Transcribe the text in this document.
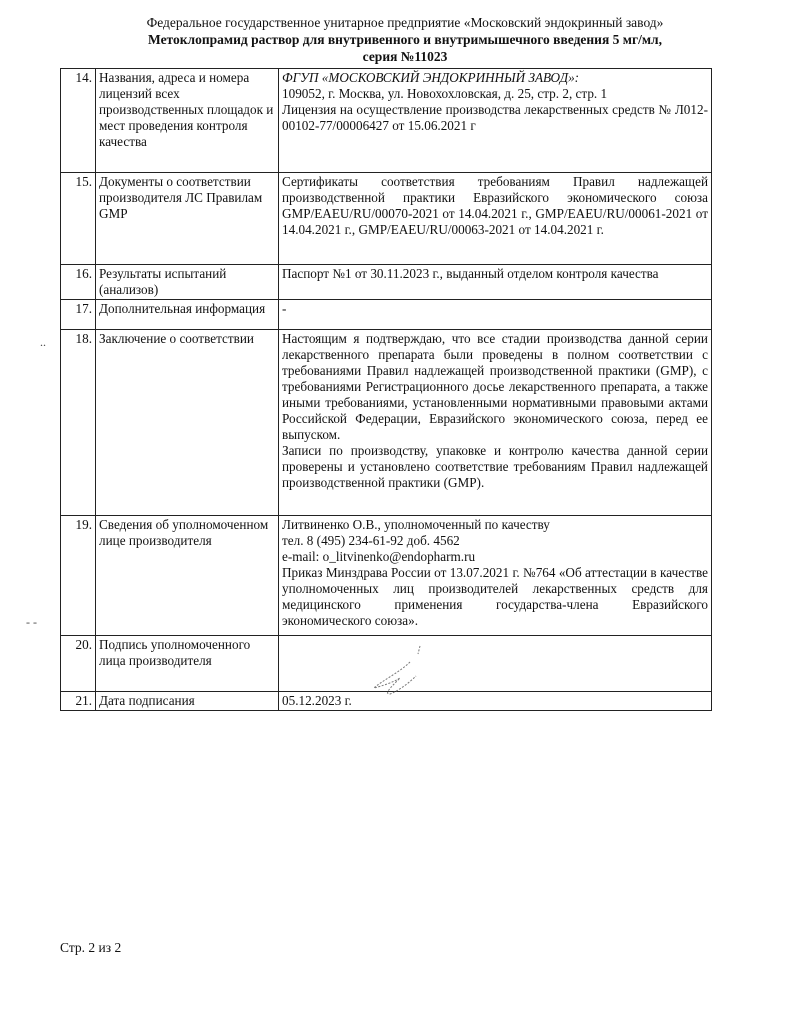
Федеральное государственное унитарное предприятие «Московский эндокринный завод»
Метоклопрамид раствор для внутривенного и внутримышечного введения 5 мг/мл,
серия №11023
14.	Названия, адреса и номера лицензий всех производственных площадок и мест проведения контроля качества	ФГУП «МОСКОВСКИЙ ЭНДОКРИННЫЙ ЗАВОД»:
109052, г. Москва, ул. Новохохловская, д. 25, стр. 2, стр. 1
Лицензия на осуществление производства лекарственных средств № Л012-00102-77/00006427 от 15.06.2021 г

15.	Документы о соответствии производителя ЛС Правилам GMP	Сертификаты соответствия требованиям Правил надлежащей производственной практики Евразийского экономического союза GMP/EAEU/RU/00070-2021 от 14.04.2021 г., GMP/EAEU/RU/00061-2021 от 14.04.2021 г., GMP/EAEU/RU/00063-2021 от 14.04.2021 г.

16.	Результаты испытаний (анализов)	Паспорт №1 от 30.11.2023 г., выданный отделом контроля качества

17.	Дополнительная информация	-

18.	Заключение о соответствии	Настоящим я подтверждаю, что все стадии производства данной серии лекарственного препарата были проведены в полном соответствии с требованиями Правил надлежащей производственной практики (GMP), с требованиями Регистрационного досье лекарственного препарата, а также иными требованиями, установленными нормативными правовыми актами Российской Федерации, Евразийского экономического союза, перед ее выпуском.
Записи по производству, упаковке и контролю качества данной серии проверены и установлено соответствие требованиям Правил надлежащей производственной практики (GMP).

19.	Сведения об уполномоченном лице производителя	Литвиненко О.В., уполномоченный по качеству
тел. 8 (495) 234-61-92 доб. 4562
e-mail: o_litvinenko@endopharm.ru
Приказ Минздрава России от 13.07.2021 г. №764 «Об аттестации в качестве уполномоченных лиц производителей лекарственных средств для медицинского применения государства-члена Евразийского экономического союза».

20.	Подпись уполномоченного лица производителя	

21.	Дата подписания	05.12.2023 г.
..
- -
Стр. 2 из 2
